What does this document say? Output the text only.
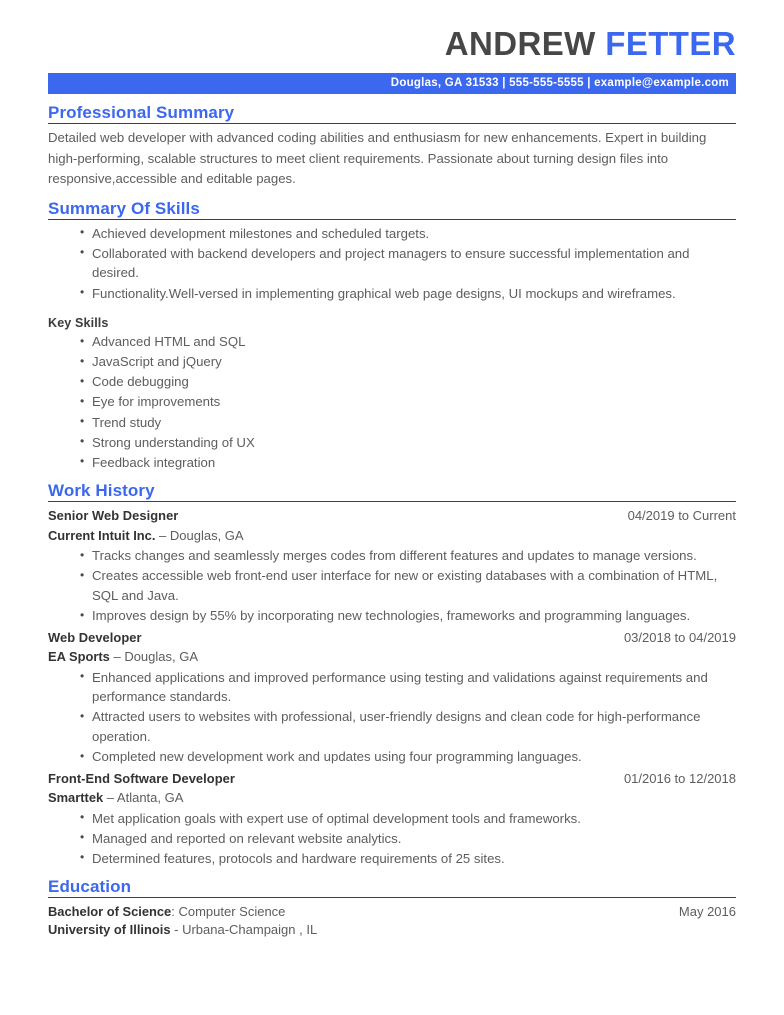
ANDREW FETTER
Douglas, GA 31533 | 555-555-5555 | example@example.com
Professional Summary

Detailed web developer with advanced coding abilities and enthusiasm for new enhancements. Expert in building high-performing, scalable structures to meet client requirements. Passionate about turning design files into responsive,accessible and editable pages.

Summary Of Skills
• Achieved development milestones and scheduled targets.
• Collaborated with backend developers and project managers to ensure successful implementation and desired.
• Functionality.Well-versed in implementing graphical web page designs, UI mockups and wireframes.
Key Skills
• Advanced HTML and SQL
• JavaScript and jQuery
• Code debugging
• Eye for improvements
• Trend study
• Strong understanding of UX
• Feedback integration
Work History
Senior Web Designer	04/2019 to Current
Current Intuit Inc. – Douglas, GA
• Tracks changes and seamlessly merges codes from different features and updates to manage versions.
• Creates accessible web front-end user interface for new or existing databases with a combination of HTML, SQL and Java.
• Improves design by 55% by incorporating new technologies, frameworks and programming languages.
Web Developer	03/2018 to 04/2019
EA Sports – Douglas, GA
• Enhanced applications and improved performance using testing and validations against requirements and performance standards.
• Attracted users to websites with professional, user-friendly designs and clean code for high-performance operation.
• Completed new development work and updates using four programming languages.
Front-End Software Developer	01/2016 to 12/2018
Smarttek – Atlanta, GA
• Met application goals with expert use of optimal development tools and frameworks.
• Managed and reported on relevant website analytics.
• Determined features, protocols and hardware requirements of 25 sites.
Education
Bachelor of Science: Computer Science	May 2016
University of Illinois - Urbana-Champaign , IL
